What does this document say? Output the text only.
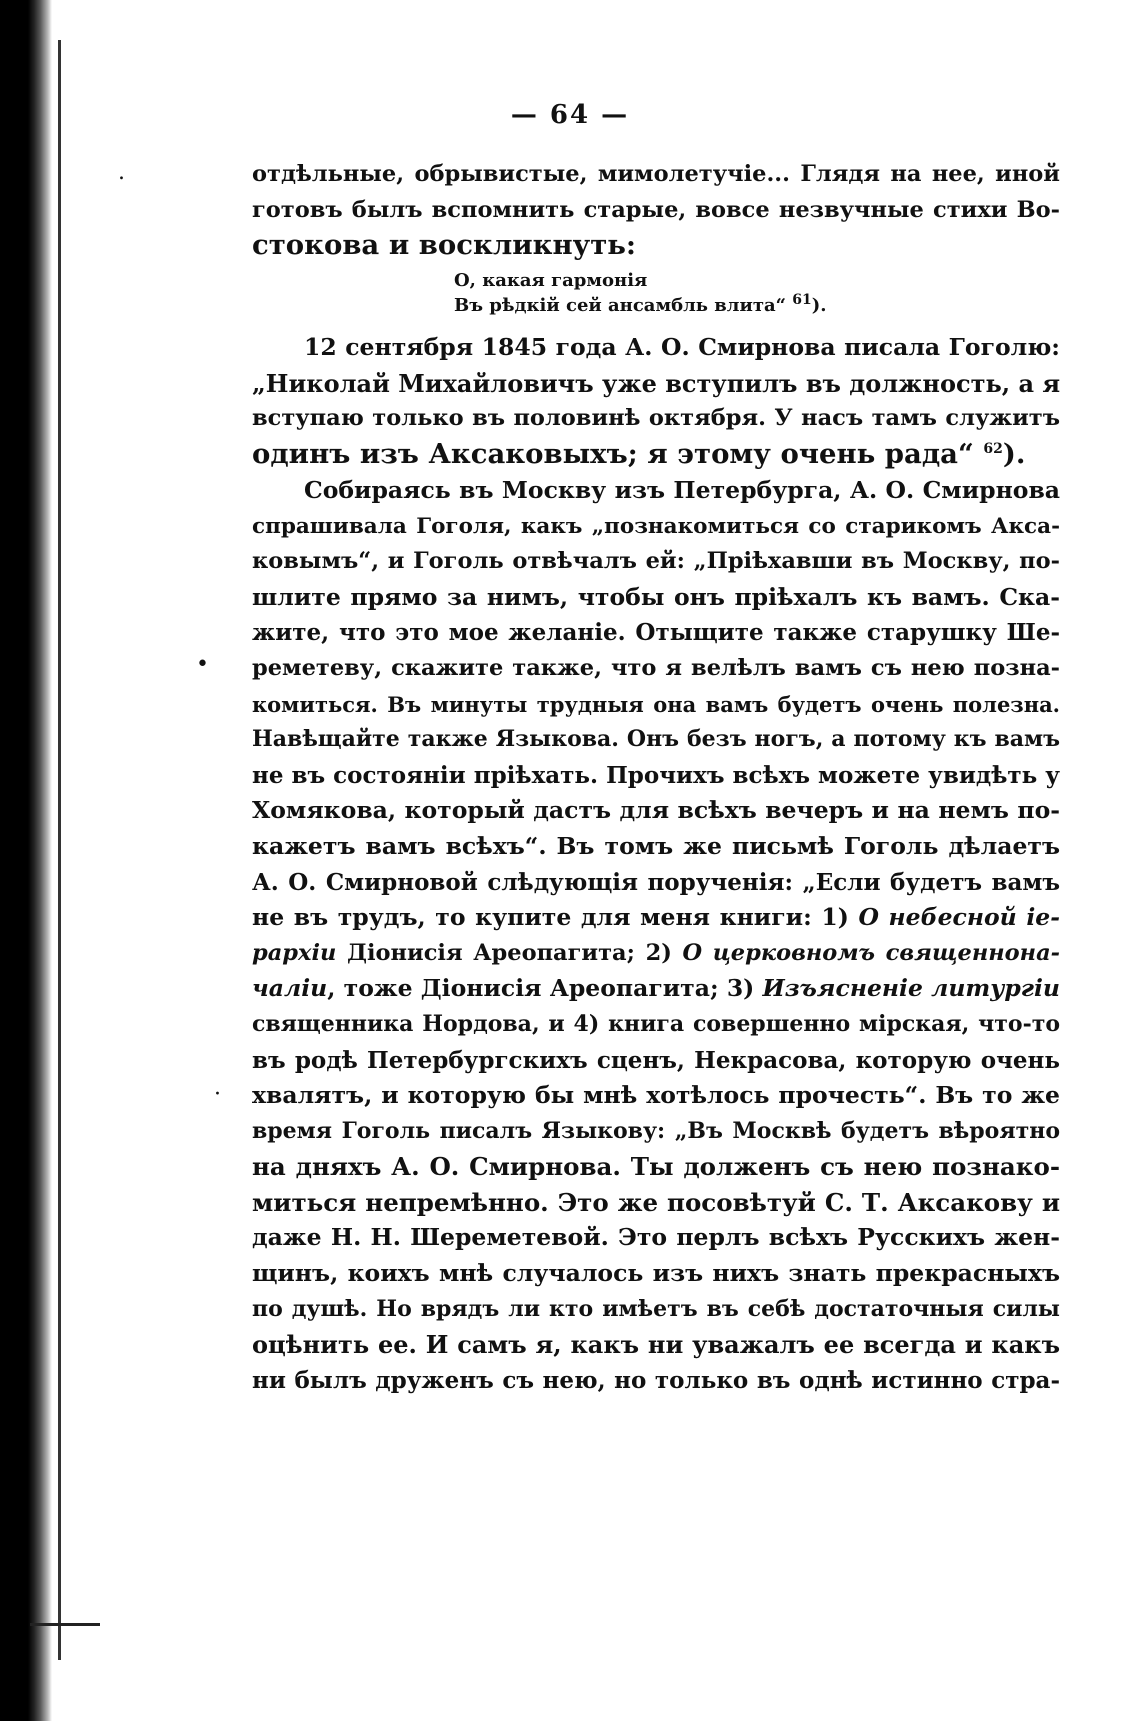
.
•
·
— 64 —
отдѣльные, обрывистые, мимолетучіе... Глядя на нее, иной
готовъ былъ вспомнить старые, вовсе незвучные стихи Во-
стокова и воскликнуть:
О, какая гармонія
Въ рѣдкій сей ансамбль влита“ $^{61}$).
12 сентября 1845 года А. О. Смирнова писала Гоголю:
„Николай Михайловичъ уже вступилъ въ должность, а я
вступаю только въ половинѣ октября. У насъ тамъ служитъ
одинъ изъ Аксаковыхъ; я этому очень рада“ $^{62}$).
Собираясь въ Москву изъ Петербурга, А. О. Смирнова
спрашивала Гоголя, какъ „познакомиться со старикомъ Акса-
ковымъ“, и Гоголь отвѣчалъ ей: „Пріѣхавши въ Москву, по-
шлите прямо за нимъ, чтобы онъ пріѣхалъ къ вамъ. Ска-
жите, что это мое желаніе. Отыщите также старушку Ше-
реметеву, скажите также, что я велѣлъ вамъ съ нею позна-
комиться. Въ минуты трудныя она вамъ будетъ очень полезна.
Навѣщайте также Языкова. Онъ безъ ногъ, а потому къ вамъ
не въ состояніи пріѣхать. Прочихъ всѣхъ можете увидѣть у
Хомякова, который дастъ для всѣхъ вечеръ и на немъ по-
кажетъ вамъ всѣхъ“. Въ томъ же письмѣ Гоголь дѣлаетъ
А. О. Смирновой слѣдующія порученія: „Если будетъ вамъ
не въ трудъ, то купите для меня книги: 1) О небесной іе-
рархіи Діонисія Ареопагита; 2) О церковномъ священнона-
чаліи, тоже Діонисія Ареопагита; 3) Изъясненіе литургіи
священника Нордова, и 4) книга совершенно мірская, что-то
въ родѣ Петербургскихъ сценъ, Некрасова, которую очень
хвалятъ, и которую бы мнѣ хотѣлось прочесть“. Въ то же
время Гоголь писалъ Языкову: „Въ Москвѣ будетъ вѣроятно
на дняхъ А. О. Смирнова. Ты долженъ съ нею познако-
миться непремѣнно. Это же посовѣтуй С. Т. Аксакову и
даже Н. Н. Шереметевой. Это перлъ всѣхъ Русскихъ жен-
щинъ, коихъ мнѣ случалось изъ нихъ знать прекрасныхъ
по душѣ. Но врядъ ли кто имѣетъ въ себѣ достаточныя силы
оцѣнить ее. И самъ я, какъ ни уважалъ ее всегда и какъ
ни былъ друженъ съ нею, но только въ однѣ истинно стра-
